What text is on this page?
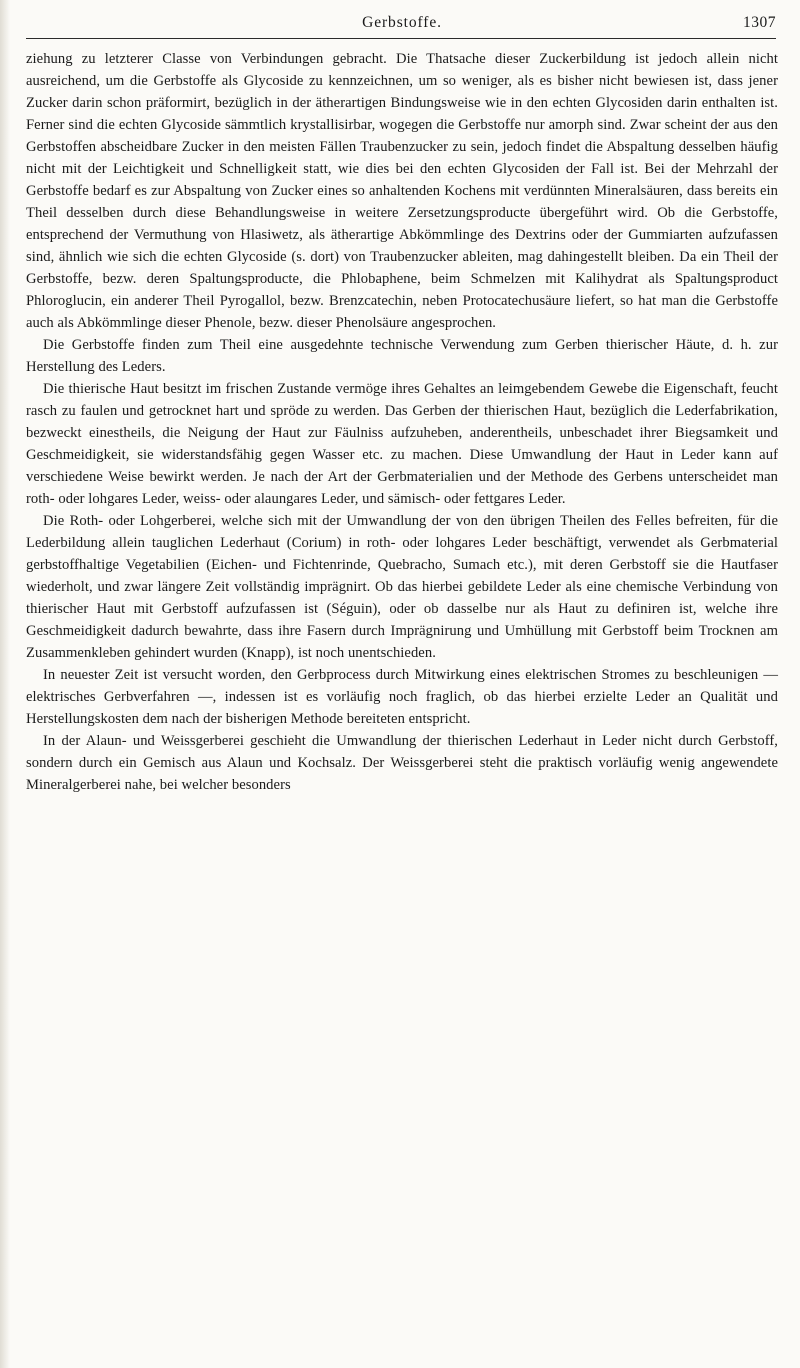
Gerbstoffe.	1307

ziehung zu letzterer Classe von Verbindungen gebracht. Die Thatsache dieser Zuckerbildung ist jedoch allein nicht ausreichend, um die Gerbstoffe als Glycoside zu kennzeichnen, um so weniger, als es bisher nicht bewiesen ist, dass jener Zucker darin schon präformirt, bezüglich in der ätherartigen Bindungsweise wie in den echten Glycosiden darin enthalten ist. Ferner sind die echten Glycoside sämmtlich krystallisirbar, wogegen die Gerbstoffe nur amorph sind. Zwar scheint der aus den Gerbstoffen abscheidbare Zucker in den meisten Fällen Traubenzucker zu sein, jedoch findet die Abspaltung desselben häufig nicht mit der Leichtigkeit und Schnelligkeit statt, wie dies bei den echten Glycosiden der Fall ist. Bei der Mehrzahl der Gerbstoffe bedarf es zur Abspaltung von Zucker eines so anhaltenden Kochens mit verdünnten Mineralsäuren, dass bereits ein Theil desselben durch diese Behandlungsweise in weitere Zersetzungsproducte übergeführt wird. Ob die Gerbstoffe, entsprechend der Vermuthung von Hlasiwetz, als ätherartige Abkömmlinge des Dextrins oder der Gummiarten aufzufassen sind, ähnlich wie sich die echten Glycoside (s. dort) von Traubenzucker ableiten, mag dahingestellt bleiben. Da ein Theil der Gerbstoffe, bezw. deren Spaltungsproducte, die Phlobaphene, beim Schmelzen mit Kalihydrat als Spaltungsproduct Phloroglucin, ein anderer Theil Pyrogallol, bezw. Brenzcatechin, neben Protocatechusäure liefert, so hat man die Gerbstoffe auch als Abkömmlinge dieser Phenole, bezw. dieser Phenolsäure angesprochen.

Die Gerbstoffe finden zum Theil eine ausgedehnte technische Verwendung zum Gerben thierischer Häute, d. h. zur Herstellung des Leders.

Die thierische Haut besitzt im frischen Zustande vermöge ihres Gehaltes an leimgebendem Gewebe die Eigenschaft, feucht rasch zu faulen und getrocknet hart und spröde zu werden. Das Gerben der thierischen Haut, bezüglich die Lederfabrikation, bezweckt einestheils, die Neigung der Haut zur Fäulniss aufzuheben, anderentheils, unbeschadet ihrer Biegsamkeit und Geschmeidigkeit, sie widerstandsfähig gegen Wasser etc. zu machen. Diese Umwandlung der Haut in Leder kann auf verschiedene Weise bewirkt werden. Je nach der Art der Gerbmaterialien und der Methode des Gerbens unterscheidet man roth- oder lohgares Leder, weiss- oder alaungares Leder, und sämisch- oder fettgares Leder.

Die Roth- oder Lohgerberei, welche sich mit der Umwandlung der von den übrigen Theilen des Felles befreiten, für die Lederbildung allein tauglichen Lederhaut (Corium) in roth- oder lohgares Leder beschäftigt, verwendet als Gerbmaterial gerbstoffhaltige Vegetabilien (Eichen- und Fichtenrinde, Quebracho, Sumach etc.), mit deren Gerbstoff sie die Hautfaser wiederholt, und zwar längere Zeit vollständig imprägnirt. Ob das hierbei gebildete Leder als eine chemische Verbindung von thierischer Haut mit Gerbstoff aufzufassen ist (Séguin), oder ob dasselbe nur als Haut zu definiren ist, welche ihre Geschmeidigkeit dadurch bewahrte, dass ihre Fasern durch Imprägnirung und Umhüllung mit Gerbstoff beim Trocknen am Zusammenkleben gehindert wurden (Knapp), ist noch unentschieden.

In neuester Zeit ist versucht worden, den Gerbprocess durch Mitwirkung eines elektrischen Stromes zu beschleunigen — elektrisches Gerbverfahren —, indessen ist es vorläufig noch fraglich, ob das hierbei erzielte Leder an Qualität und Herstellungskosten dem nach der bisherigen Methode bereiteten entspricht.

In der Alaun- und Weissgerberei geschieht die Umwandlung der thierischen Lederhaut in Leder nicht durch Gerbstoff, sondern durch ein Gemisch aus Alaun und Kochsalz. Der Weissgerberei steht die praktisch vorläufig wenig angewendete Mineralgerberei nahe, bei welcher besonders
